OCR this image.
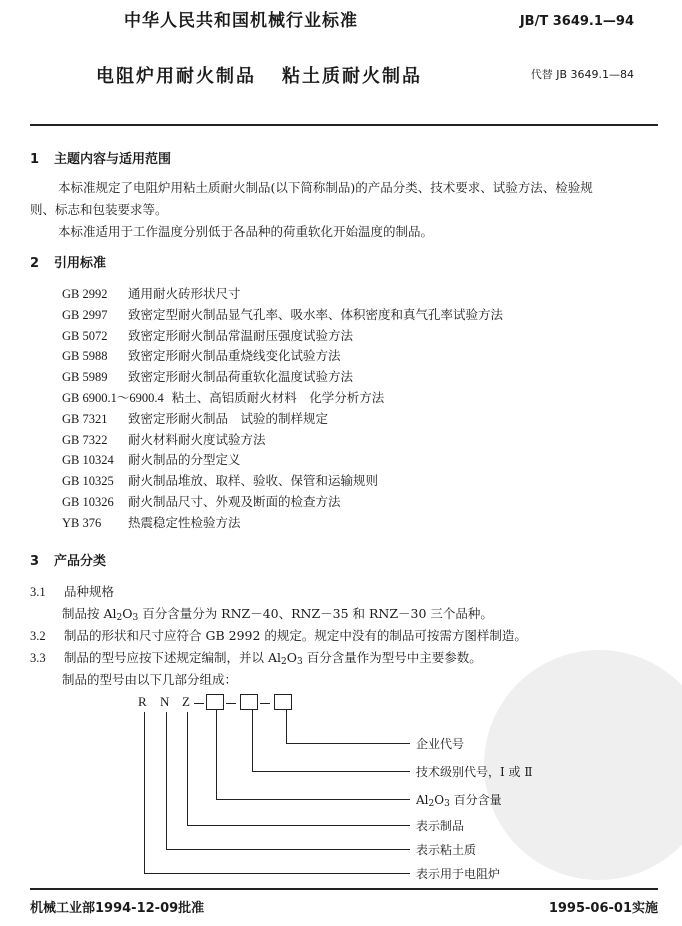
中华人民共和国机械行业标准	JB/T 3649.1—94
电阻炉用耐火制品 粘土质耐火制品	代替 JB 3649.1—84
1 主题内容与适用范围
本标准规定了电阻炉用粘土质耐火制品(以下简称制品)的产品分类、技术要求、试验方法、检验规
则、标志和包装要求等。
本标准适用于工作温度分别低于各品种的荷重软化开始温度的制品。
2 引用标准
GB 2992 通用耐火砖形状尺寸
GB 2997 致密定型耐火制品显气孔率、吸水率、体积密度和真气孔率试验方法
GB 5072 致密定形耐火制品常温耐压强度试验方法
GB 5988 致密定形耐火制品重烧线变化试验方法
GB 5989 致密定形耐火制品荷重软化温度试验方法
GB 6900.1～6900.4 粘土、高铝质耐火材料　化学分析方法
GB 7321 致密定形耐火制品　试验的制样规定
GB 7322 耐火材料耐火度试验方法
GB 10324 耐火制品的分型定义
GB 10325 耐火制品堆放、取样、验收、保管和运输规则
GB 10326 耐火制品尺寸、外观及断面的检查方法
YB 376 热震稳定性检验方法
3 产品分类
3.1 品种规格
制品按 $Al_2O_3$ 百分含量分为 RNZ－40、RNZ－35 和 RNZ－30 三个品种。
3.2 制品的形状和尺寸应符合 GB 2992 的规定。规定中没有的制品可按需方图样制造。
3.3 制品的型号应按下述规定编制，并以 $Al_2O_3$ 百分含量作为型号中主要参数。
制品的型号由以下几部分组成：
R N Z
企业代号
技术级别代号，Ⅰ 或 Ⅱ
$Al_2O_3$ 百分含量
表示制品
表示粘土质
表示用于电阻炉
机械工业部1994-12-09批准	1995-06-01实施
